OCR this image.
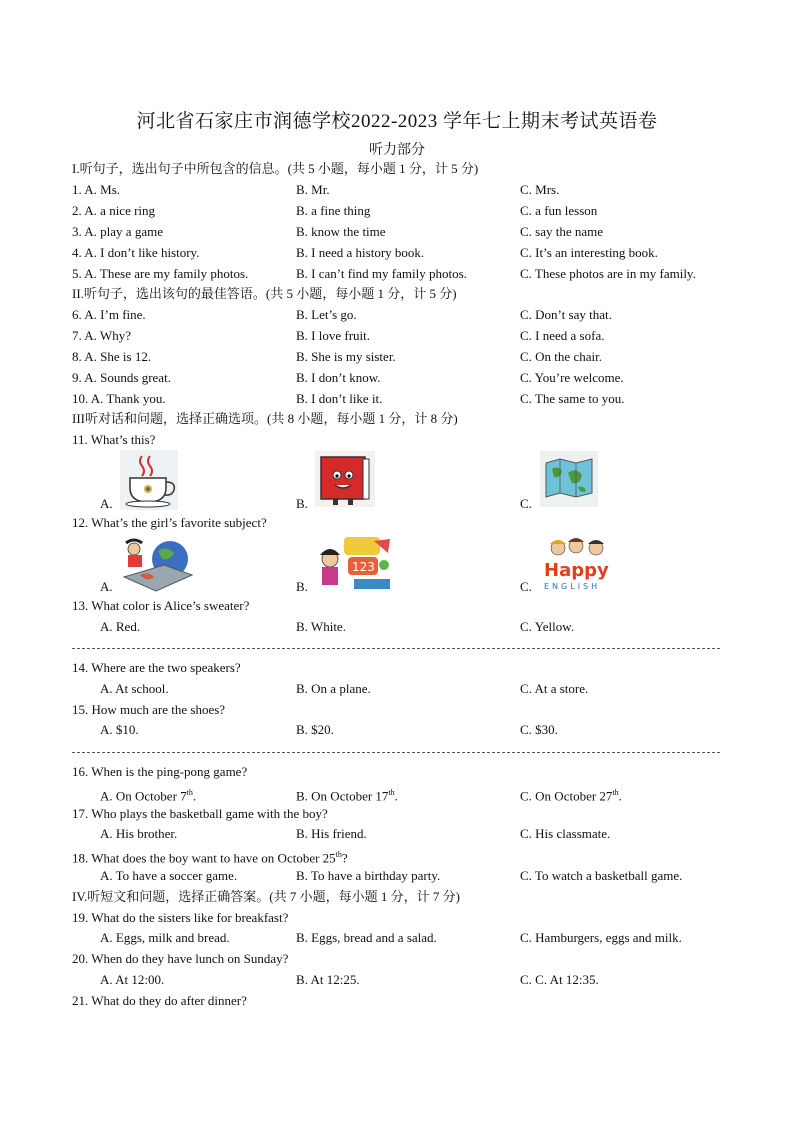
河北省石家庄市润德学校2022-2023 学年七上期末考试英语卷
听力部分
I.听句子，选出句子中所包含的信息。(共 5 小题，每小题 1 分，计 5 分)
1. A. Ms.	B. Mr.	C. Mrs.
2. A. a nice ring	B. a fine thing	C. a fun lesson
3. A. play a game	B. know the time	C. say the name
4. A. I don’t like history.	B. I need a history book.	C. It’s an interesting book.
5. A. These are my family photos.	B. I can’t find my family photos.	C. These photos are in my family.
II.听句子，选出该句的最佳答语。(共 5 小题，每小题 1 分，计 5 分)
6. A. I’m fine.	B. Let’s go.	C. Don’t say that.
7. A. Why?	B. I love fruit.	C. I need a sofa.
8. A. She is 12.	B. She is my sister.	C. On the chair.
9. A. Sounds great.	B. I don’t know.	C. You’re welcome.
10. A. Thank you.	B. I don’t like it.	C. The same to you.
III听对话和问题，选择正确选项。(共 8 小题，每小题 1 分，计 8 分)
11. What’s this?
A.	B.	C.
12. What’s the girl’s favorite subject?
A.
123
B.
Happy
ENGLISH
C.
13. What color is Alice’s sweater?
A. Red.	B. White.	C. Yellow.
14. Where are the two speakers?
A. At school.	B. On a plane.	C. At a store.
15. How much are the shoes?
A. $10.	B. $20.	C. $30.
16. When is the ping-pong game?
A. On October 7th.	B. On October 17th.	C. On October 27th.
17. Who plays the basketball game with the boy?
A. His brother.	B. His friend.	C. His classmate.
18. What does the boy want to have on October 25th?
A. To have a soccer game.	B. To have a birthday party.	C. To watch a basketball game.
IV.听短文和问题，选择正确答案。(共 7 小题，每小题 1 分，计 7 分)
19. What do the sisters like for breakfast?
A. Eggs, milk and bread.	B. Eggs, bread and a salad.	C. Hamburgers, eggs and milk.
20. When do they have lunch on Sunday?
A. At 12:00.	B. At 12:25.	C. C. At 12:35.
21. What do they do after dinner?
